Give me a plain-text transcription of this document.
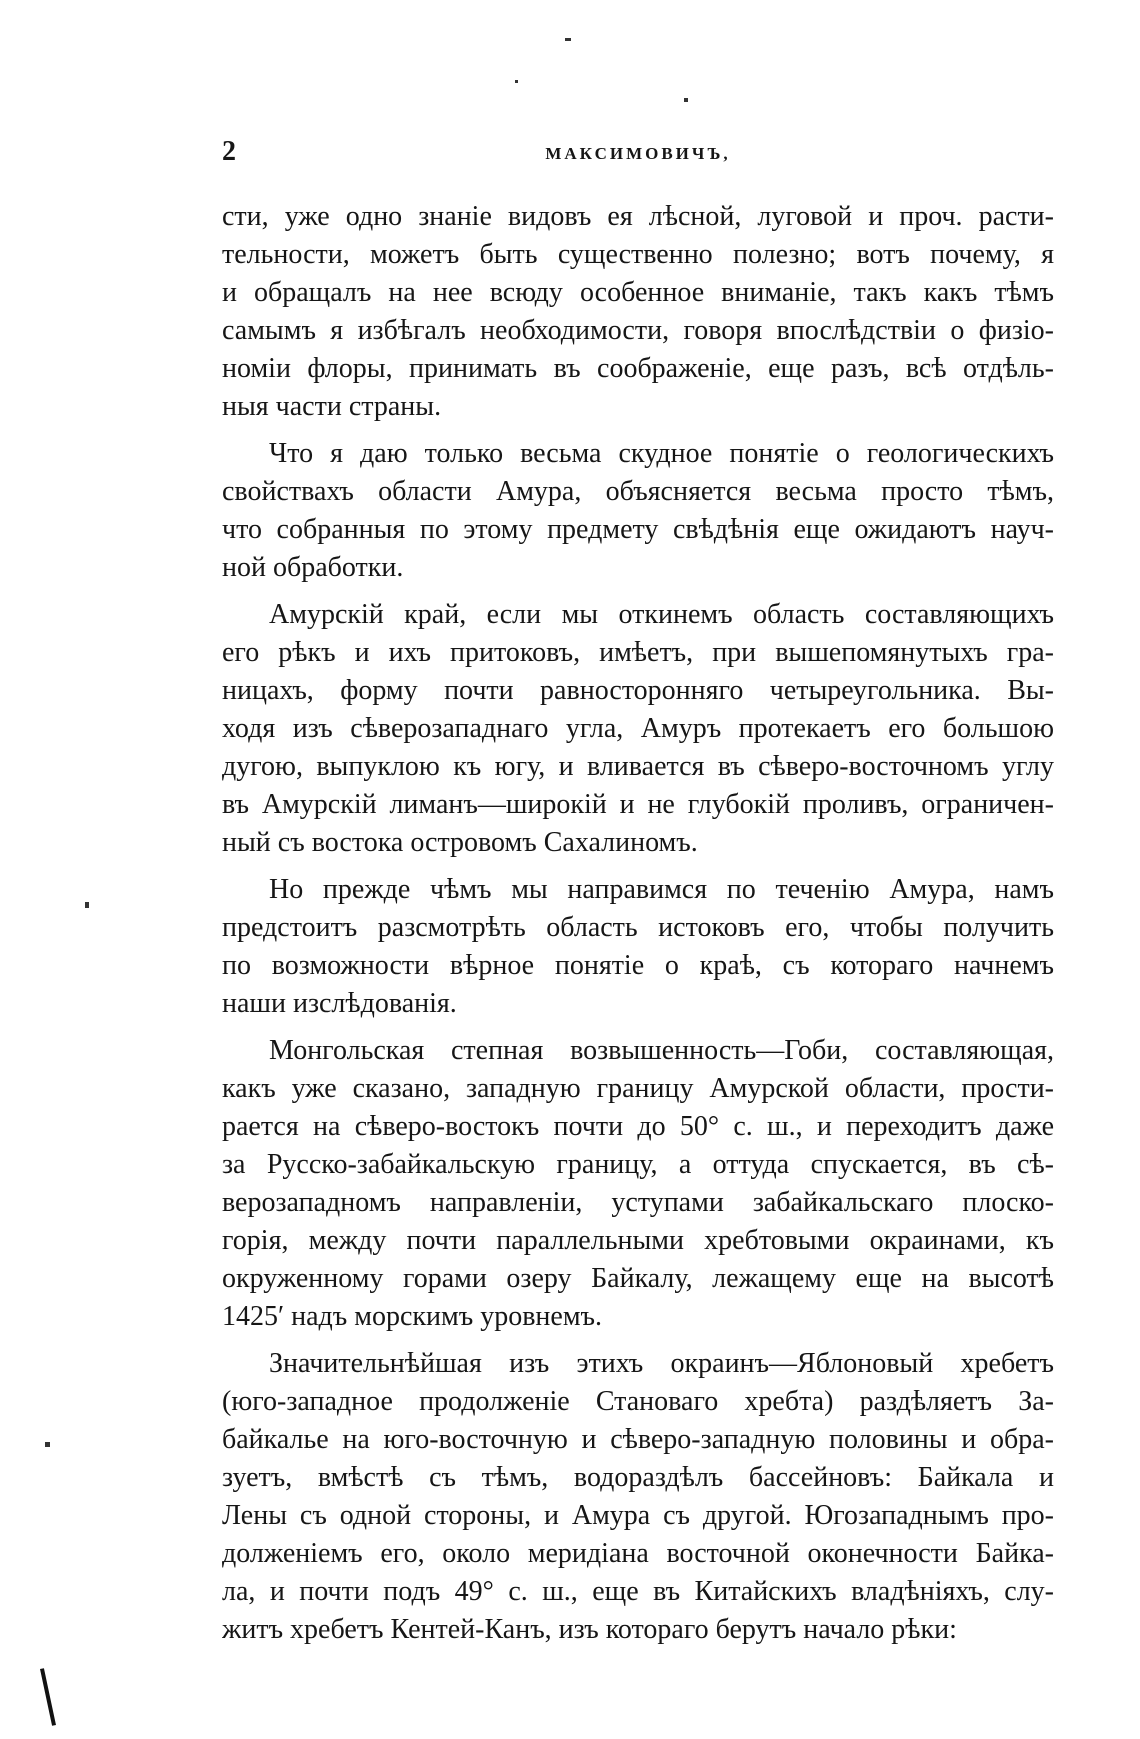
2	МАКСИМОВИЧЪ,
сти, уже одно знаніе видовъ ея лѣсной, луговой и проч. расти-
тельности, можетъ быть существенно полезно; вотъ почему, я
и обращалъ на нее всюду особенное вниманіе, такъ какъ тѣмъ
самымъ я избѣгалъ необходимости, говоря впослѣдствіи о физіо-
номіи флоры, принимать въ соображеніе, еще разъ, всѣ отдѣль-
ныя части страны.
Что я даю только весьма скудное понятіе о геологическихъ
свойствахъ области Амура, объясняется весьма просто тѣмъ,
что собранныя по этому предмету свѣдѣнія еще ожидаютъ науч-
ной обработки.
Амурскій край, если мы откинемъ область составляющихъ
его рѣкъ и ихъ притоковъ, имѣетъ, при вышепомянутыхъ гра-
ницахъ, форму почти равносторонняго четыреугольника. Вы-
ходя изъ сѣверозападнаго угла, Амуръ протекаетъ его большою
дугою, выпуклою къ югу, и вливается въ сѣверо-восточномъ углу
въ Амурскій лиманъ—широкій и не глубокій проливъ, ограничен-
ный съ востока островомъ Сахалиномъ.
Но прежде чѣмъ мы направимся по теченію Амура, намъ
предстоитъ разсмотрѣть область истоковъ его, чтобы получить
по возможности вѣрное понятіе о краѣ, съ котораго начнемъ
наши изслѣдованія.
Монгольская степная возвышенность—Гоби, составляющая,
какъ уже сказано, западную границу Амурской области, прости-
рается на сѣверо-востокъ почти до 50° с. ш., и переходитъ даже
за Русско-забайкальскую границу, а оттуда спускается, въ сѣ-
верозападномъ направленіи, уступами забайкальскаго плоско-
горія, между почти параллельными хребтовыми окраинами, къ
окруженному горами озеру Байкалу, лежащему еще на высотѣ
1425′ надъ морскимъ уровнемъ.
Значительнѣйшая изъ этихъ окраинъ—Яблоновый хребетъ
(юго-западное продолженіе Становаго хребта) раздѣляетъ За-
байкалье на юго-восточную и сѣверо-западную половины и обра-
зуетъ, вмѣстѣ съ тѣмъ, водораздѣлъ бассейновъ: Байкала и
Лены съ одной стороны, и Амура съ другой. Югозападнымъ про-
долженіемъ его, около меридіана восточной оконечности Байка-
ла, и почти подъ 49° с. ш., еще въ Китайскихъ владѣніяхъ, слу-
житъ хребетъ Кентей-Канъ, изъ котораго берутъ начало рѣки:
